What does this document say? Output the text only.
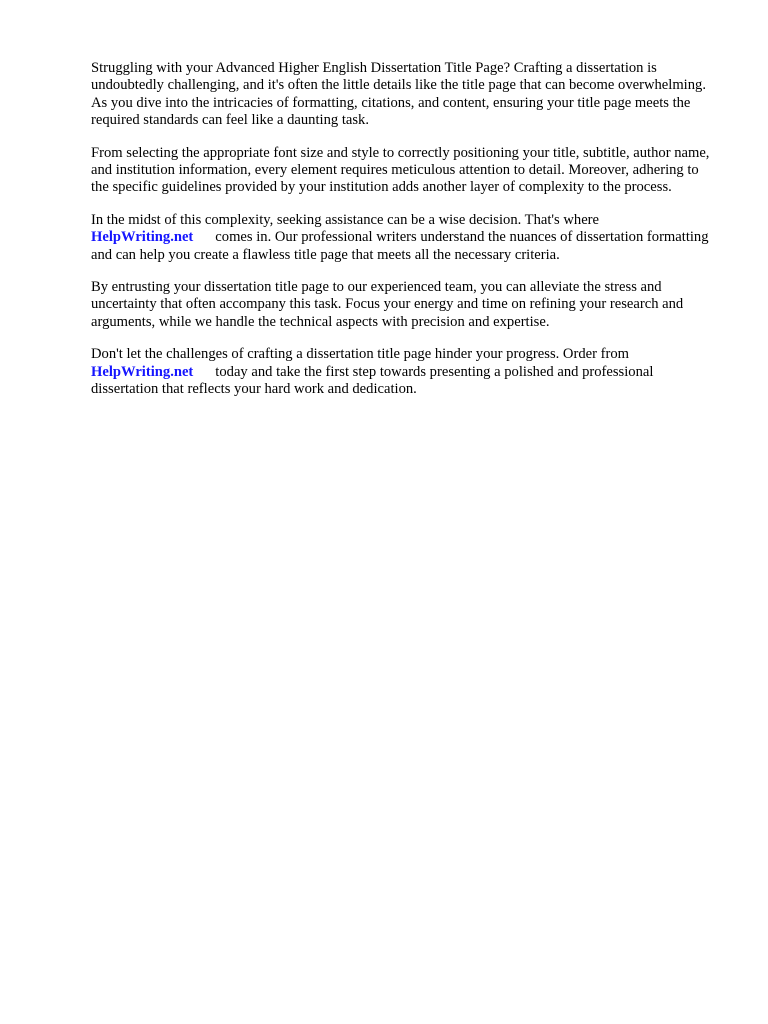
Struggling with your Advanced Higher English Dissertation Title Page? Crafting a dissertation is undoubtedly challenging, and it's often the little details like the title page that can become overwhelming. As you dive into the intricacies of formatting, citations, and content, ensuring your title page meets the required standards can feel like a daunting task.

From selecting the appropriate font size and style to correctly positioning your title, subtitle, author name, and institution information, every element requires meticulous attention to detail. Moreover, adhering to the specific guidelines provided by your institution adds another layer of complexity to the process.

In the midst of this complexity, seeking assistance can be a wise decision. That's where
HelpWriting.net comes in. Our professional writers understand the nuances of dissertation formatting and can help you create a flawless title page that meets all the necessary criteria.

By entrusting your dissertation title page to our experienced team, you can alleviate the stress and uncertainty that often accompany this task. Focus your energy and time on refining your research and arguments, while we handle the technical aspects with precision and expertise.

Don't let the challenges of crafting a dissertation title page hinder your progress. Order from
HelpWriting.net today and take the first step towards presenting a polished and professional dissertation that reflects your hard work and dedication.
